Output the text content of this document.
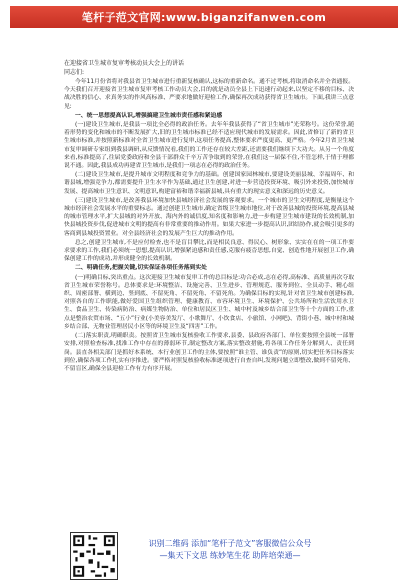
笔杆子范文官网:www.biganzifanwen.com
在迎接省卫生城市复审考核动员大会上的讲话
同志们:

今年11月份省将对我县省卫生城市进行重新复核确认,这标的重新命名。通不过考核,将取消命名并全省通报。今天我们召开迎接省卫生城市复审考核工作动员大会,目的就是动员全县上下迅速行动起来,以坚定不移的目标、决战决胜的信心、求真务实的作风高标准、严要求地做好迎检工作,确保再次成功获得省卫生城市。下面,我讲三点意见:

一、统一思想提高认识,增强搞建卫生城市责任感和紧迫感

(一)建设卫生城市,是我县一项比全必得的政治任务。去年年我县获得了“省卫生城市”光荣称号。这份荣誉,随着形势的变化和城市的不断发展扩大,旧的卫生城市标准已经不适应现代城市的发展需求。因此,省修订了新的省卫生城市标准,并按照新标准对全省卫生城市进行复审,这项任务提高,整体要求严度更高、更严格。今年2月省卫生城市复审调研专家组到我县调研,从反馈情况看,我们的工作还存在较大差距,还需要我们继续下大功夫。从另一个角度来看,标准提高了,往届党委政府和全县干部群众千辛万苦争取到的荣誉,在我们这一届保不住,不管怎样,于情于理都说不通。因此,我县成功再建省卫生城市,是我们一项志在必得的政治任务。

(二)建设卫生城市,是提升城市文明程度和竞争力的基础。创建国家园林城市,要建设美丽县城、幸福周年、和谐县城,增强竞争力,都需要提升卫生水平作为基础,通过卫生创建,对进一步营造投资环境、吸引外来投资,加快城市发展、提高城市卫生意识、文明意识,构建富裕和谐幸福新县城,具有重大的现实意义和深远的历史意义。

(三)建设卫生城市,是改善我县环境加快县城经济社会发展的客观要求。一个城市的卫生文明程度,是衡量这个城市经济社会发展水平的重要标志。通过创建卫生城市,确定省级卫生城市地位,对于改善县城的投资环境,提高县城的城市管理水平,扩大县城的对外开放、海内外的诚信度,知名度和影响力,进一步构建卫生城市建设的长效机制,加快县城投资步伐,促进城市文明的提高有非常重要的推动作用。如果大家进一步提高认识,团结协作,就会吸引更多的客商到县城投资置业。对全县经济社会的发展产生巨大的推动作用。

总之,创建卫生城市,不是应付检查,也不是盲目攀比,而是相民良意、得民心、树形象、实实在在的一项工作要求要求的工作,我们必须统一思想,提高认识,增强紧迫感和责任感,克服有疲沓思想,自觉、创造性地开展创卫工作,确保创建工作的成功,并形成健全的长效机制。

二、明确任务,把握关键,切实保证各项任务落到实处

(一)明确目标,突出重点。这次迎接卫生城市复审工作的总目标是:功合必成,志在必得,高标准、高质量再次夺取省卫生城市荣誉称号。总体要求是:环境整洁、设施完善、卫生进步、管理规范、服务到位、全员动手、精心组织、周密部署、横到边、竖到底、不留死角、不留死角、不留死角。为确保目标的实现,针对省卫生城市创建标准,对照各自的工作职能,做好爱国卫生组织管理、健康教育、市容环境卫生、环境保护、公共场所和生活饮用水卫生、食品卫生、传染病防治、病媒生物防治、单位和居民区卫生、城中村及城乡结合部卫生等十个方面的工作,重点是整治农贸市场、“五小”行业(小美容美发厅、小歌舞厅、小饮食店、小旅馆、小网吧)、背街小巷、城中村和城乡结合部、无物业管理居民小区等的环境卫生及“四害”工作。

(二)落实职责,明确职责。按照省卫生城市复核验收工作要求,县委、县政府各部门、单位要按照全县统一部署安排,对照检查标准,找准工作中存在的薄弱环节,制定整改方案,落实整改措施,将各项工作任务分解到人、责任到岗。县直各相关部门是抓好本系统、本行业创卫工作的主体,要按照“谁主管、谁负责”的原则,切实把任务目标落实到位,确保各项工作扎实有序推进。要严格对照复核验收标准逐项进行自查自纠,发现问题立即整改,做到不留死角、不留盲区,确保全县迎检工作有力有序开展。

识别二维码 添加“笔杆子范文”客服微信公众号
—集天下文思 练妙笔生花 助阵培荣通—
